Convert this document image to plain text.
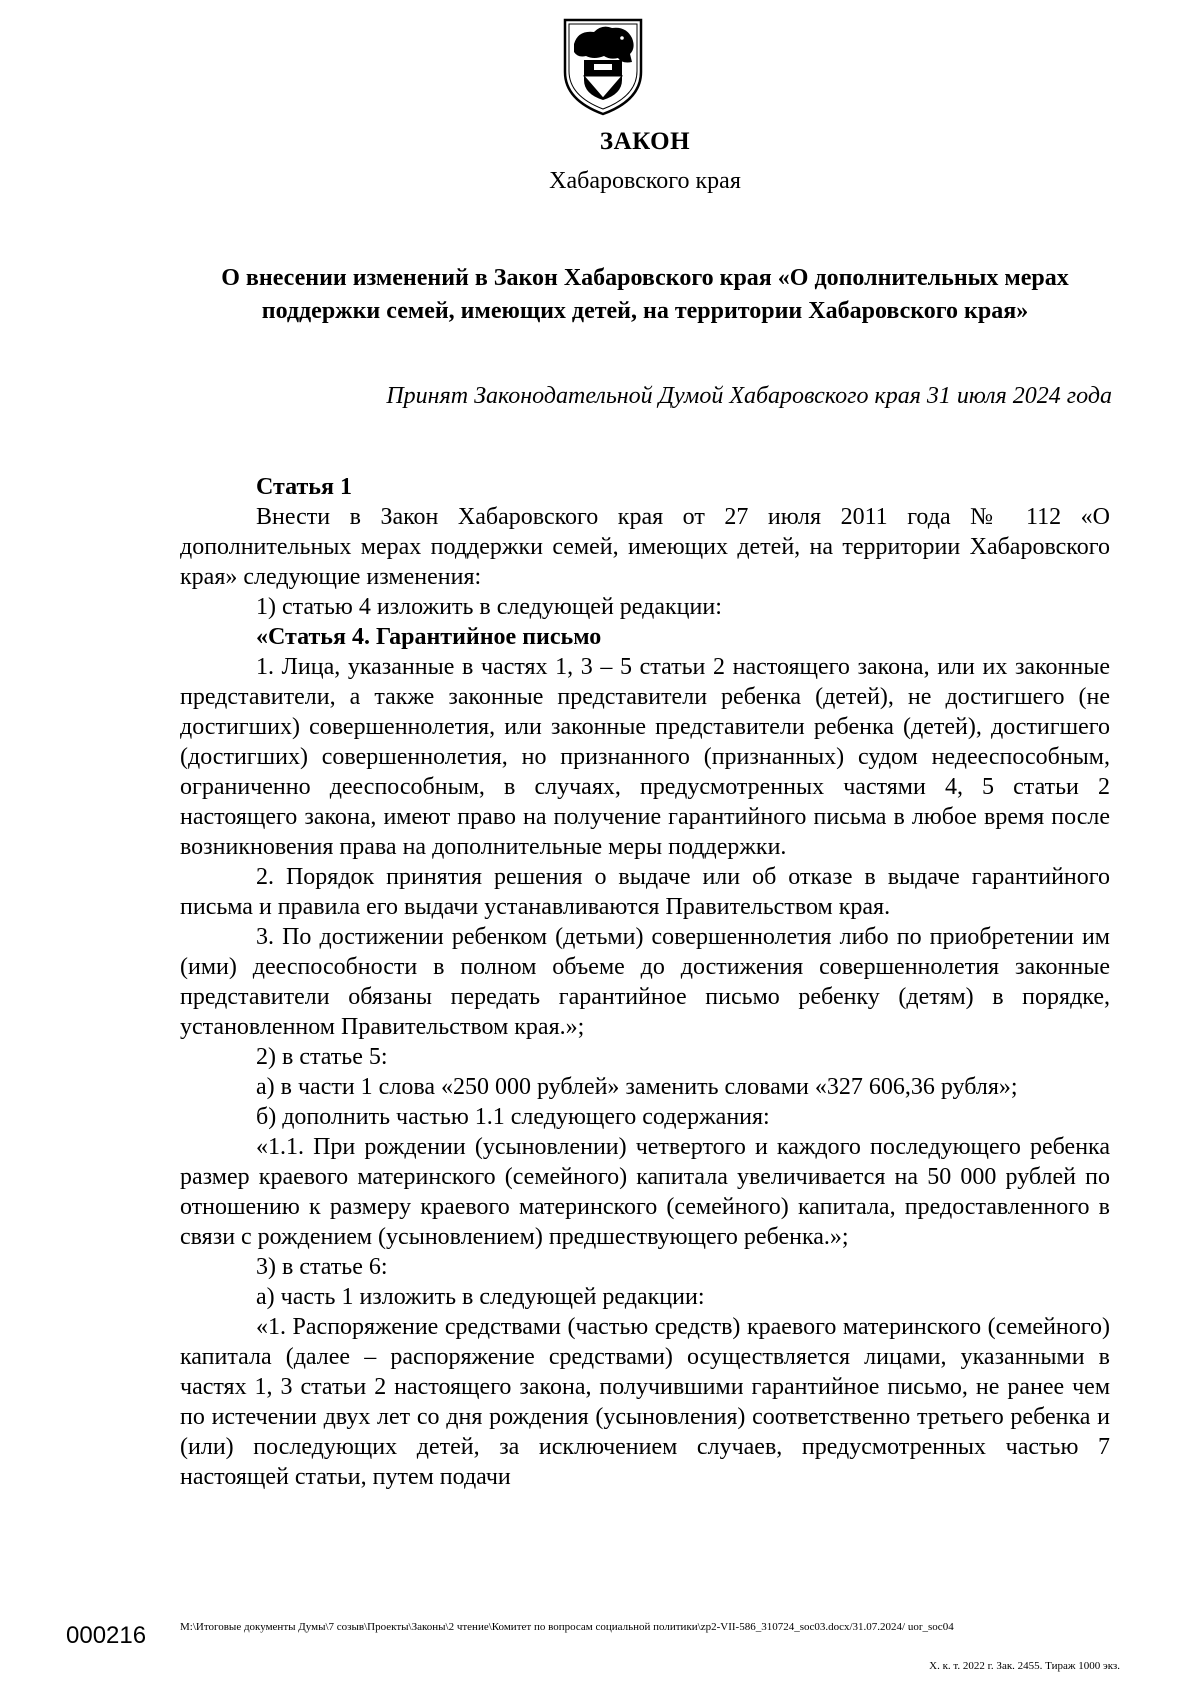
ЗАКОН
Хабаровского края
О внесении изменений в Закон Хабаровского края «О дополнительных мерах поддержки семей, имеющих детей, на территории Хабаровского края»
Принят Законодательной Думой Хабаровского края 31 июля 2024 года

Статья 1

Внести в Закон Хабаровского края от 27 июля 2011 года № 112 «О дополнительных мерах поддержки семей, имеющих детей, на территории Хабаровского края» следующие изменения:

1) статью 4 изложить в следующей редакции:

«Статья 4. Гарантийное письмо

1. Лица, указанные в частях 1, 3 – 5 статьи 2 настоящего закона, или их законные представители, а также законные представители ребенка (детей), не достигшего (не достигших) совершеннолетия, или законные представители ребенка (детей), достигшего (достигших) совершеннолетия, но признанного (признанных) судом недееспособным, ограниченно дееспособным, в случаях, предусмотренных частями 4, 5 статьи 2 настоящего закона, имеют право на получение гарантийного письма в любое время после возникновения права на дополнительные меры поддержки.

2. Порядок принятия решения о выдаче или об отказе в выдаче гарантийного письма и правила его выдачи устанавливаются Правительством края.

3. По достижении ребенком (детьми) совершеннолетия либо по приобретении им (ими) дееспособности в полном объеме до достижения совершеннолетия законные представители обязаны передать гарантийное письмо ребенку (детям) в порядке, установленном Правительством края.»;

2) в статье 5:

а) в части 1 слова «250 000 рублей» заменить словами «327 606,36 рубля»;

б) дополнить частью 1.1 следующего содержания:

«1.1. При рождении (усыновлении) четвертого и каждого последующего ребенка размер краевого материнского (семейного) капитала увеличивается на 50 000 рублей по отношению к размеру краевого материнского (семейного) капитала, предоставленного в связи с рождением (усыновлением) предшествующего ребенка.»;

3) в статье 6:

а) часть 1 изложить в следующей редакции:

«1. Распоряжение средствами (частью средств) краевого материнского (семейного) капитала (далее – распоряжение средствами) осуществляется лицами, указанными в частях 1, 3 статьи 2 настоящего закона, получившими гарантийное письмо, не ранее чем по истечении двух лет со дня рождения (усыновления) соответственно третьего ребенка и (или) последующих детей, за исключением случаев, предусмотренных частью 7 настоящей статьи, путем подачи

000216	M:\Итоговые документы Думы\7 созыв\Проекты\Законы\2 чтение\Комитет по вопросам социальной политики\zp2-VII-586_310724_soc03.docx/31.07.2024/ uor_soc04
Х. к. т. 2022 г. Зак. 2455. Тираж 1000 экз.
